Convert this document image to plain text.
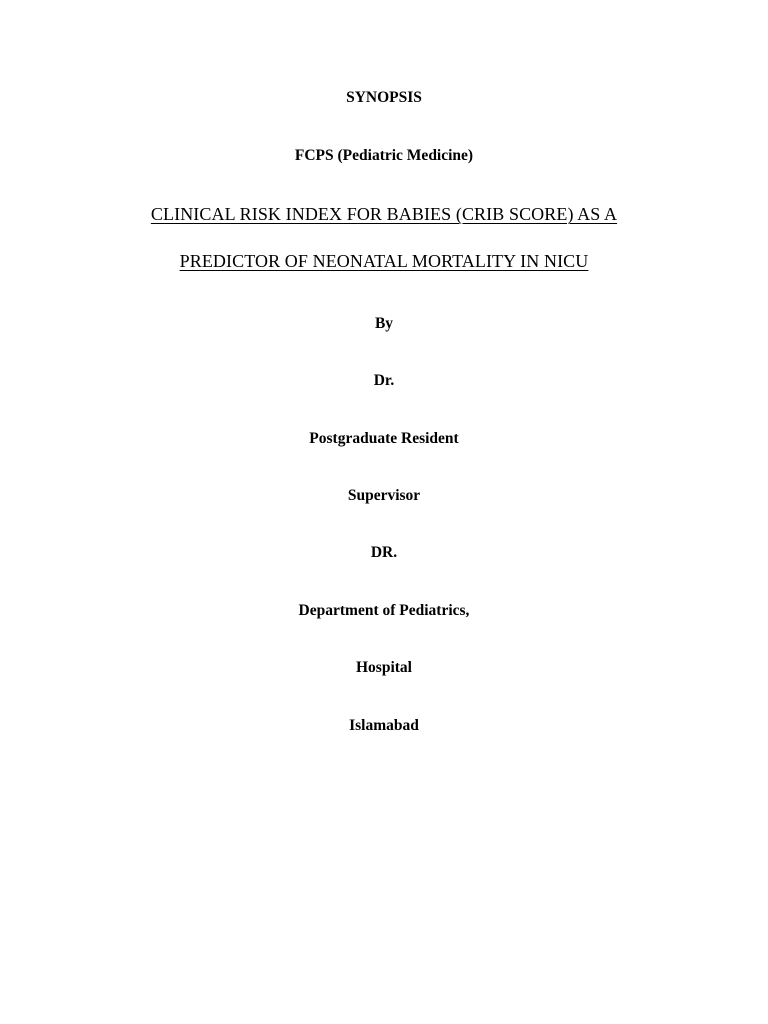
SYNOPSIS
FCPS (Pediatric Medicine)
CLINICAL RISK INDEX FOR BABIES (CRIB SCORE) AS A
PREDICTOR OF NEONATAL MORTALITY IN NICU
By
Dr.
Postgraduate Resident
Supervisor
DR.
Department of Pediatrics,
Hospital
Islamabad
